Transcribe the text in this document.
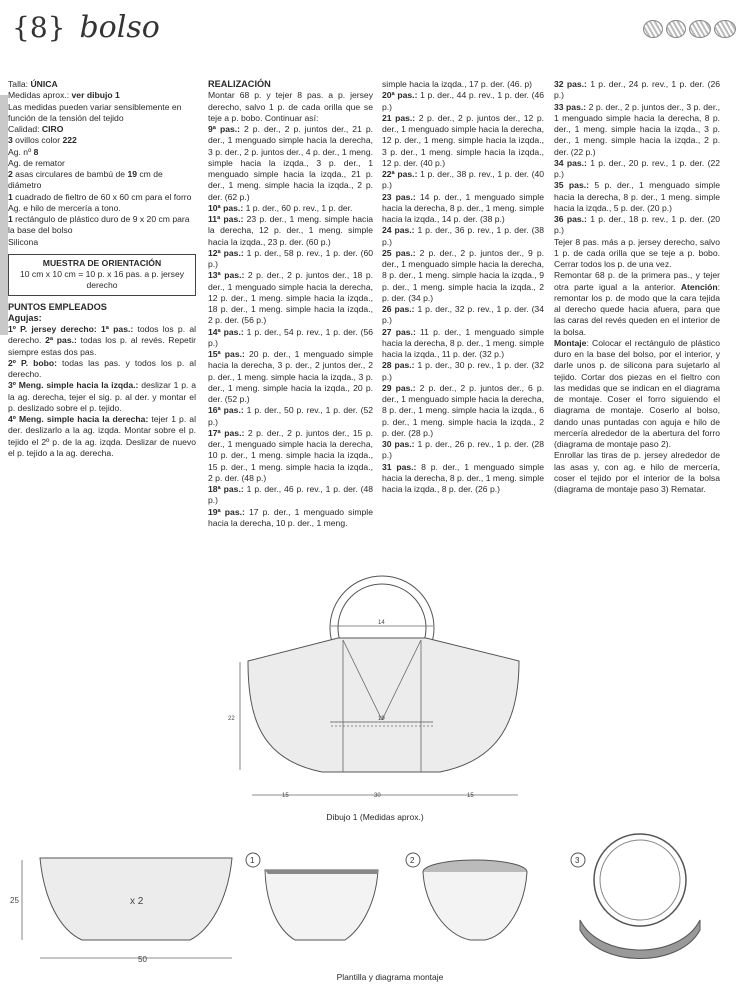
{8} bolso

Talla: ÚNICA

Medidas aprox.: ver dibujo 1

Las medidas pueden variar sensiblemente en función de la tensión del tejido

Calidad: CIRO

3 ovillos color 222

Ag. nº 8

Ag. de remator

2 asas circulares de bambú de 19 cm de diámetro

1 cuadrado de fieltro de 60 x 60 cm para el forro

Ag. e hilo de mercería a tono.

1 rectángulo de plástico duro de 9 x 20 cm para la base del bolso

Silicona

MUESTRA DE ORIENTACIÓN
10 cm x 10 cm = 10 p. x 16 pas. a p. jersey derecho

PUNTOS EMPLEADOS

Agujas:

1º P. jersey derecho: 1ª pas.: todos los p. al derecho. 2ª pas.: todas los p. al revés. Repetir siempre estas dos pas.

2º P. bobo: todas las pas. y todos los p. al derecho.

3º Meng. simple hacia la izqda.: deslizar 1 p. a la ag. derecha, tejer el sig. p. al der. y montar el p. deslizado sobre el p. tejido.

4º Meng. simple hacia la derecha: tejer 1 p. al der. deslizarlo a la ag. izqda. Montar sobre el p. tejido el 2º p. de la ag. izqda. Deslizar de nuevo el p. tejido a la ag. derecha.

REALIZACIÓN

Montar 68 p. y tejer 8 pas. a p. jersey derecho, salvo 1 p. de cada orilla que se teje a p. bobo. Continuar así:

9ª pas.: 2 p. der., 2 p. juntos der., 21 p. der., 1 menguado simple hacia la derecha, 3 p. der., 2 p. juntos der., 4 p. der., 1 meng. simple hacia la izqda., 3 p. der., 1 menguado simple hacia la izqda., 21 p. der., 1 meng. simple hacia la izqda., 2 p. der. (62 p.)

10ª pas.: 1 p. der., 60 p. rev., 1 p. der.

11ª pas.: 23 p. der., 1 meng. simple hacia la derecha, 12 p. der., 1 meng. simple hacia la izqda., 23 p. der. (60 p.)

12ª pas.: 1 p. der., 58 p. rev., 1 p. der. (60 p.)

13ª pas.: 2 p. der., 2 p. juntos der., 18 p. der., 1 menguado simple hacia la derecha, 12 p. der., 1 meng. simple hacia la izqda., 18 p. der., 1 meng. simple hacia la izqda., 2 p. der. (56 p.)

14ª pas.: 1 p. der., 54 p. rev., 1 p. der. (56 p.)

15ª pas.: 20 p. der., 1 menguado simple hacia la derecha, 3 p. der., 2 juntos der., 2 p. der., 1 meng. simple hacia la izqda., 3 p. der., 1 meng. simple hacia la izqda., 20 p. der. (52 p.)

16ª pas.: 1 p. der., 50 p. rev., 1 p. der. (52 p.)

17ª pas.: 2 p. der., 2 p. juntos der., 15 p. der., 1 menguado simple hacia la derecha, 10 p. der., 1 meng. simple hacia la izqda., 15 p. der., 1 meng. simple hacia la izqda., 2 p. der. (48 p.)

18ª pas.: 1 p. der., 46 p. rev., 1 p. der. (48 p.)

19ª pas.: 17 p. der., 1 menguado simple hacia la derecha, 10 p. der., 1 meng.

simple hacia la izqda., 17 p. der. (46. p)

20ª pas.: 1 p. der., 44 p. rev., 1 p. der. (46 p.)

21 pas.: 2 p. der., 2 p. juntos der., 12 p. der., 1 menguado simple hacia la derecha, 12 p. der., 1 meng. simple hacia la izqda., 3 p. der., 1 meng. simple hacia la izqda., 12 p. der. (40 p.)

22ª pas.: 1 p. der., 38 p. rev., 1 p. der. (40 p.)

23 pas.: 14 p. der., 1 menguado simple hacia la derecha, 8 p. der., 1 meng. simple hacia la izqda., 14 p. der. (38 p.)

24 pas.: 1 p. der., 36 p. rev., 1 p. der. (38 p.)

25 pas.: 2 p. der., 2 p. juntos der., 9 p. der., 1 menguado simple hacia la derecha, 8 p. der., 1 meng. simple hacia la izqda., 9 p. der., 1 meng. simple hacia la izqda., 2 p. der. (34 p.)

26 pas.: 1 p. der., 32 p. rev., 1 p. der. (34 p.)

27 pas.: 11 p. der., 1 menguado simple hacia la derecha, 8 p. der., 1 meng. simple hacia la izqda., 11 p. der. (32 p.)

28 pas.: 1 p. der., 30 p. rev., 1 p. der. (32 p.)

29 pas.: 2 p. der., 2 p. juntos der., 6 p. der., 1 menguado simple hacia la derecha, 8 p. der., 1 meng. simple hacia la izqda., 6 p. der., 1 meng. simple hacia la izqda., 2 p. der. (28 p.)

30 pas.: 1 p. der., 26 p. rev., 1 p. der. (28 p.)

31 pas.: 8 p. der., 1 menguado simple hacia la derecha, 8 p. der., 1 meng. simple hacia la izqda., 8 p. der. (26 p.)

32 pas.: 1 p. der., 24 p. rev., 1 p. der. (26 p.)

33 pas.: 2 p. der., 2 p. juntos der., 3 p. der., 1 menguado simple hacia la derecha, 8 p. der., 1 meng. simple hacia la izqda., 3 p. der., 1 meng. simple hacia la izqda., 2 p. der. (22 p.)

34 pas.: 1 p. der., 20 p. rev., 1 p. der. (22 p.)

35 pas.: 5 p. der., 1 menguado simple hacia la derecha, 8 p. der., 1 meng. simple hacia la izqda., 5 p. der. (20 p.)

36 pas.: 1 p. der., 18 p. rev., 1 p. der. (20 p.)

Tejer 8 pas. más a p. jersey derecho, salvo 1 p. de cada orilla que se teje a p. bobo. Cerrar todos los p. de una vez.

Remontar 68 p. de la primera pas., y tejer otra parte igual a la anterior. Atención: remontar los p. de modo que la cara tejida al derecho quede hacia afuera, para que las caras del revés queden en el interior de la bolsa.

Montaje: Colocar el rectángulo de plástico duro en la base del bolso, por el interior, y darle unos p. de silicona para sujetarlo al tejido. Cortar dos piezas en el fieltro con las medidas que se indican en el diagrama de montaje. Coser el forro siguiendo el diagrama de montaje. Coserlo al bolso, dando unas puntadas con aguja e hilo de mercería alrededor de la abertura del forro (diagrama de montaje paso 2).

Enrollar las tiras de p. jersey alrededor de las asas y, con ag. e hilo de mercería, coser el tejido por el interior de la bolsa (diagrama de montaje paso 3) Rematar.

19
14
22
15	30	15
25	x 2
50
1	2	3
Dibujo 1 (Medidas aprox.)
Plantilla y diagrama montaje
